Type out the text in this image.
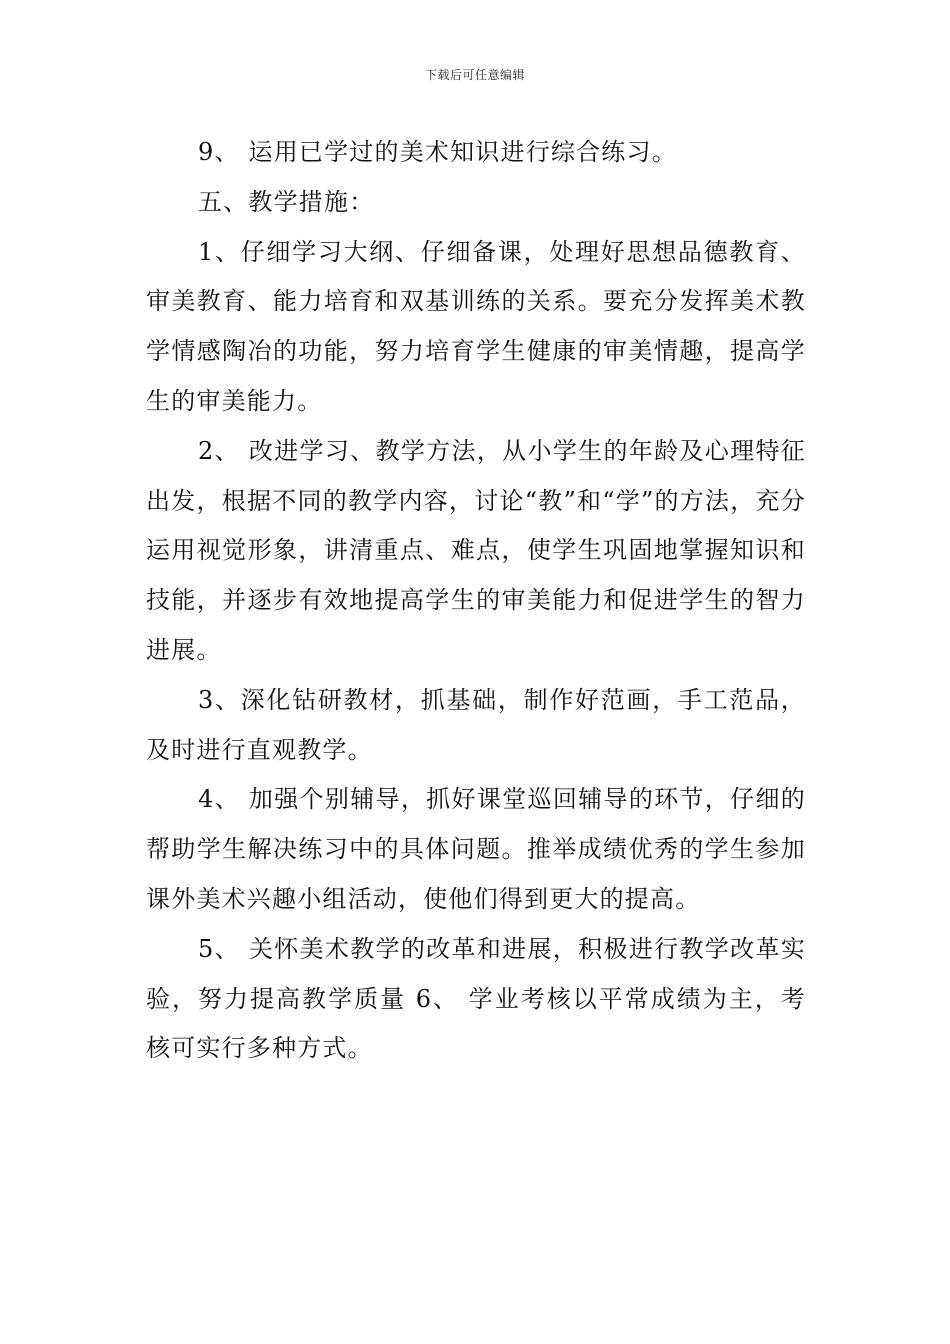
下载后可任意编辑

9、 运用已学过的美术知识进行综合练习。

五、教学措施：

1、仔细学习大纲、仔细备课，处理好思想品德教育、审美教育、能力培育和双基训练的关系。要充分发挥美术教学情感陶冶的功能，努力培育学生健康的审美情趣，提高学生的审美能力。

2、 改进学习、教学方法，从小学生的年龄及心理特征出发，根据不同的教学内容，讨论“教”和“学”的方法，充分运用视觉形象，讲清重点、难点，使学生巩固地掌握知识和技能，并逐步有效地提高学生的审美能力和促进学生的智力进展。

3、深化钻研教材，抓基础，制作好范画，手工范品，及时进行直观教学。

4、 加强个别辅导，抓好课堂巡回辅导的环节，仔细的帮助学生解决练习中的具体问题。推举成绩优秀的学生参加课外美术兴趣小组活动，使他们得到更大的提高。

5、 关怀美术教学的改革和进展，积极进行教学改革实验，努力提高教学质量 6、 学业考核以平常成绩为主，考核可实行多种方式。
